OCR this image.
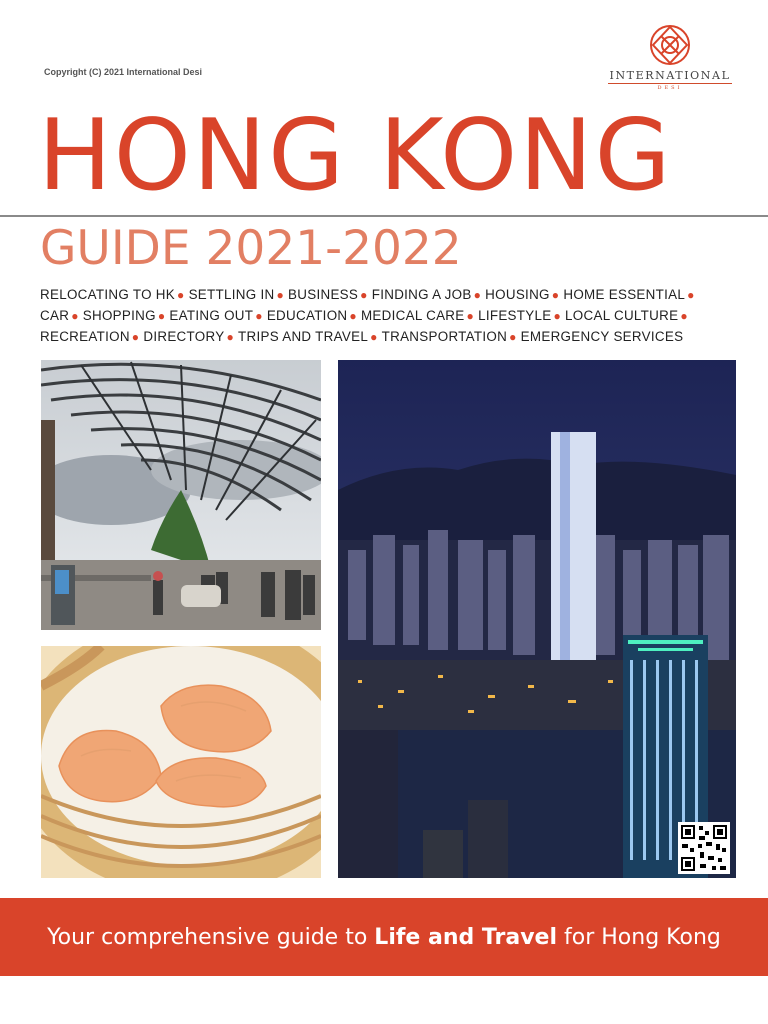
Copyright (C) 2021 International Desi	INTERNATIONAL
DESI
HONG KONG
GUIDE 2021-2022
RELOCATING TO HK ● SETTLING IN ● BUSINESS ● FINDING A JOB ● HOUSING ● HOME ESSENTIAL ●
CAR ● SHOPPING ● EATING OUT ● EDUCATION ● MEDICAL CARE ● LIFESTYLE ● LOCAL CULTURE ●
RECREATION ● DIRECTORY ● TRIPS AND TRAVEL ● TRANSPORTATION ● EMERGENCY SERVICES
Your comprehensive guide to Life and Travel for Hong Kong
